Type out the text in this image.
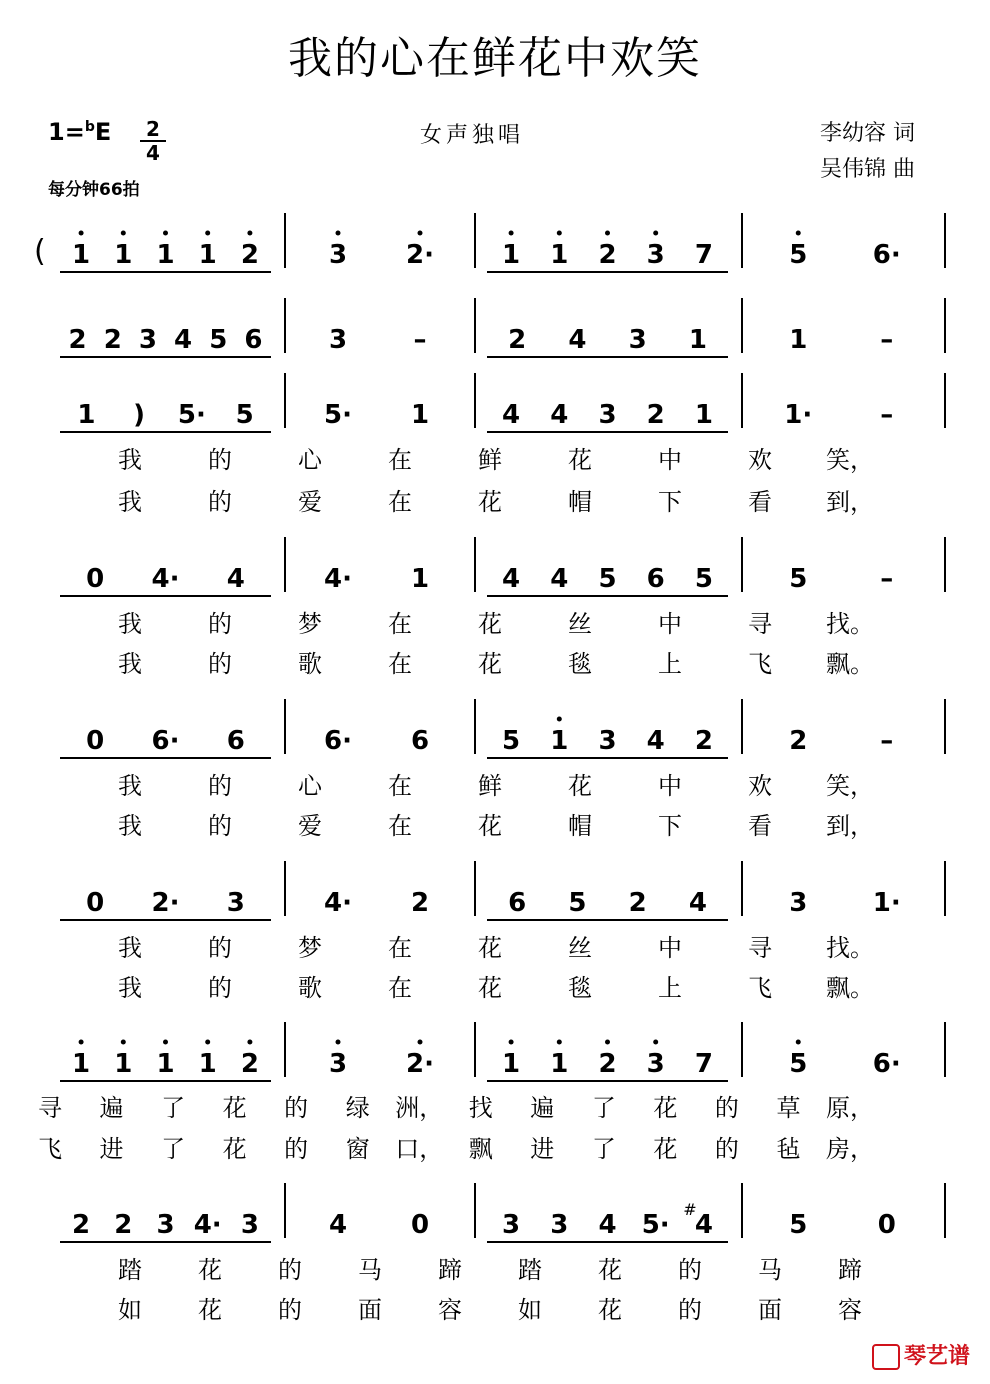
我的心在鲜花中欢笑
1=$^b$E	2
4
每分钟66拍
女声独唱	李幼容 词
吴伟锦 曲
( 1 1 1 1 2	3 2·	1 1 2 3 7	5	6·
2 2 3 4 5 6	3	–	2 4 3 1	1	–
1 ) 5· 5	5· 1	4 4 3 2 1	1·	–
0 4· 4	4· 1	4 4 5 6 5	5	–
0 6· 6	6· 6	5 1 3 4 2	2	–
0 2· 3	4· 2	6 5 2 4	3	1·
1 1 1 1 2	3 2·	1 1 2 3 7	5	6·
2 2 3 4· 3	4 0	3 3 4 5· 4
#
5	0
我	的	心	在	鲜	花	中	欢 笑，
我	的	爱	在	花	帽	下	看 到，
我	的	梦	在	花	丝	中	寻 找。
我	的	歌	在	花	毯	上	飞 飘。
我	的	心	在	鲜	花	中	欢 笑，
我	的	爱	在	花	帽	下	看 到，
我	的	梦	在	花	丝	中	寻 找。
我	的	歌	在	花	毯	上	飞 飘。
寻 遍 了 花 的 绿 洲， 找 遍 了 花 的 草 原，
飞 进 了 花 的 窗 口， 飘 进 了 花 的 毡 房，
踏 花 的 马 蹄 踏 花 的 马 蹄
如 花 的 面 容 如 花 的 面 容
琴艺谱
